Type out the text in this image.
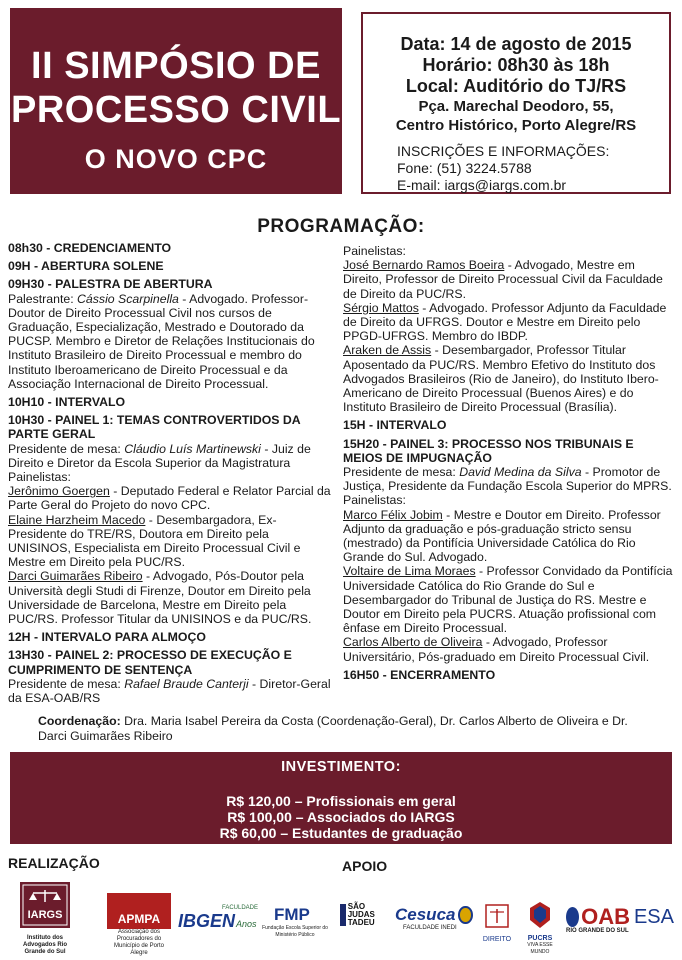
II SIMPÓSIO DE
PROCESSO CIVIL
O NOVO CPC
Data: 14 de agosto de 2015
Horário: 08h30 às 18h
Local: Auditório do TJ/RS
Pça. Marechal Deodoro, 55,
Centro Histórico, Porto Alegre/RS
INSCRIÇÕES E INFORMAÇÕES:
Fone: (51) 3224.5788
E-mail: iargs@iargs.com.br
PROGRAMAÇÃO:
08h30 - CREDENCIAMENTO
09H - ABERTURA SOLENE
09H30 - PALESTRA DE ABERTURA
Palestrante: Cássio Scarpinella - Advogado. Professor-Doutor de Direito Processual Civil nos cursos de Graduação, Especialização, Mestrado e Doutorado da PUCSP. Membro e Diretor de Relações Institucionais do Instituto Brasileiro de Direito Processual e membro do Instituto Iberoamericano de Direito Processual e da Associação Internacional de Direito Processual.
10H10 - INTERVALO
10H30 - PAINEL 1: TEMAS CONTROVERTIDOS DA PARTE GERAL
Presidente de mesa: Cláudio Luís Martinewski - Juiz de Direito e Diretor da Escola Superior da Magistratura
Painelistas:
Jerônimo Goergen - Deputado Federal e Relator Parcial da Parte Geral do Projeto do novo CPC.
Elaine Harzheim Macedo - Desembargadora, Ex-Presidente do TRE/RS, Doutora em Direito pela UNISINOS, Especialista em Direito Processual Civil e Mestre em Direito pela PUC/RS.
Darci Guimarães Ribeiro - Advogado, Pós-Doutor pela Università degli Studi di Firenze, Doutor em Direito pela Universidade de Barcelona, Mestre em Direito pela PUC/RS. Professor Titular da UNISINOS e da PUC/RS.
12H - INTERVALO PARA ALMOÇO
13H30 - PAINEL 2: PROCESSO DE EXECUÇÃO E CUMPRIMENTO DE SENTENÇA
Presidente de mesa: Rafael Braude Canterji - Diretor-Geral da ESA-OAB/RS
Painelistas:
José Bernardo Ramos Boeira - Advogado, Mestre em Direito, Professor de Direito Processual Civil da Faculdade de Direito da PUC/RS.
Sérgio Mattos - Advogado. Professor Adjunto da Faculdade de Direito da UFRGS. Doutor e Mestre em Direito pelo PPGD-UFRGS. Membro do IBDP.
Araken de Assis - Desembargador, Professor Titular Aposentado da PUC/RS. Membro Efetivo do Instituto dos Advogados Brasileiros (Rio de Janeiro), do Instituto Ibero-Americano de Direito Processual (Buenos Aires) e do Instituto Brasileiro de Direito Processual (Brasília).
15H - INTERVALO
15H20 - PAINEL 3: PROCESSO NOS TRIBUNAIS E MEIOS DE IMPUGNAÇÃO
Presidente de mesa: David Medina da Silva - Promotor de Justiça, Presidente da Fundação Escola Superior do MPRS.
Painelistas:
Marco Félix Jobim - Mestre e Doutor em Direito. Professor Adjunto da graduação e pós-graduação stricto sensu (mestrado) da Pontifícia Universidade Católica do Rio Grande do Sul. Advogado.
Voltaire de Lima Moraes - Professor Convidado da Pontifícia Universidade Católica do Rio Grande do Sul e Desembargador do Tribunal de Justiça do RS. Mestre e Doutor em Direito pela PUCRS. Atuação profissional com ênfase em Direito Processual.
Carlos Alberto de Oliveira - Advogado, Professor Universitário, Pós-graduado em Direito Processual Civil.
16H50 - ENCERRAMENTO
Coordenação: Dra. Maria Isabel Pereira da Costa (Coordenação-Geral), Dr. Carlos Alberto de Oliveira e Dr. Darci Guimarães Ribeiro
INVESTIMENTO:
R$ 120,00 – Profissionais em geral
R$ 100,00 – Associados do IARGS
R$ 60,00 – Estudantes de graduação
REALIZAÇÃO	APOIO
IARGS
Instituto dos Advogados Rio Grande do Sul
APMPA
Associação dos Procuradores do Município de Porto Alegre
FACULDADE
IBGENAnos	FMP
Fundação Escola Superior do Ministério Público
SÃO JUDAS TADEU	Cesuca
FACULDADE INEDI
DIREITO	PUCRS
VIVA ESSE MUNDO
OAB ESA
RIO GRANDE DO SUL
